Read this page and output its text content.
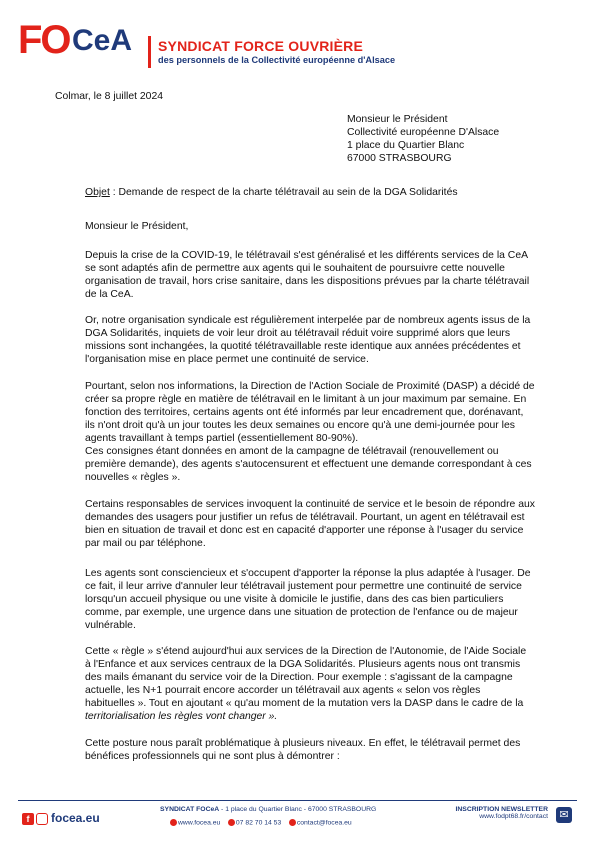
FO CeA SYNDICAT FORCE OUVRIÈRE
des personnels de la Collectivité européenne d'Alsace
Colmar, le 8 juillet 2024
Monsieur le Président
Collectivité européenne D'Alsace
1 place du Quartier Blanc
67000 STRASBOURG
Objet : Demande de respect de la charte télétravail au sein de la DGA Solidarités
Monsieur le Président,
Depuis la crise de la COVID-19, le télétravail s'est généralisé et les différents services de la CeA
se sont adaptés afin de permettre aux agents qui le souhaitent de poursuivre cette nouvelle
organisation de travail, hors crise sanitaire, dans les dispositions prévues par la charte télétravail
de la CeA.
Or, notre organisation syndicale est régulièrement interpelée par de nombreux agents issus de la
DGA Solidarités, inquiets de voir leur droit au télétravail réduit voire supprimé alors que leurs
missions sont inchangées, la quotité télétravaillable reste identique aux années précédentes et
l'organisation mise en place permet une continuité de service.
Pourtant, selon nos informations, la Direction de l'Action Sociale de Proximité (DASP) a décidé de
créer sa propre règle en matière de télétravail en le limitant à un jour maximum par semaine. En
fonction des territoires, certains agents ont été informés par leur encadrement que, dorénavant,
ils n'ont droit qu'à un jour toutes les deux semaines ou encore qu'à une demi-journée pour les
agents travaillant à temps partiel (essentiellement 80-90%).
Ces consignes étant données en amont de la campagne de télétravail (renouvellement ou
première demande), des agents s'autocensurent et effectuent une demande correspondant à ces
nouvelles « règles ».
Certains responsables de services invoquent la continuité de service et le besoin de répondre aux
demandes des usagers pour justifier un refus de télétravail. Pourtant, un agent en télétravail est
bien en situation de travail et donc est en capacité d'apporter une réponse à l'usager du service
par mail ou par téléphone.
Les agents sont consciencieux et s'occupent d'apporter la réponse la plus adaptée à l'usager. De
ce fait, il leur arrive d'annuler leur télétravail justement pour permettre une continuité de service
lorsqu'un accueil physique ou une visite à domicile le justifie, dans des cas bien particuliers
comme, par exemple, une urgence dans une situation de protection de l'enfance ou de majeur
vulnérable.
Cette « règle » s'étend aujourd'hui aux services de la Direction de l'Autonomie, de l'Aide Sociale
à l'Enfance et aux services centraux de la DGA Solidarités. Plusieurs agents nous ont transmis
des mails émanant du service voir de la Direction. Pour exemple : s'agissant de la campagne
actuelle, les N+1 pourrait encore accorder un télétravail aux agents « selon vos règles
habituelles ». Tout en ajoutant « qu'au moment de la mutation vers la DASP dans le cadre de la
territorialisation les règles vont changer ».
Cette posture nous paraît problématique à plusieurs niveaux. En effet, le télétravail permet des
bénéfices professionnels qui ne sont plus à démontrer :
f focea.eu
SYNDICAT FOCeA - 1 place du Quartier Blanc - 67000 STRASBOURG
www.focea.eu 07 82 70 14 53 contact@focea.eu
INSCRIPTION NEWSLETTER
www.fodpt68.fr/contact	✉
